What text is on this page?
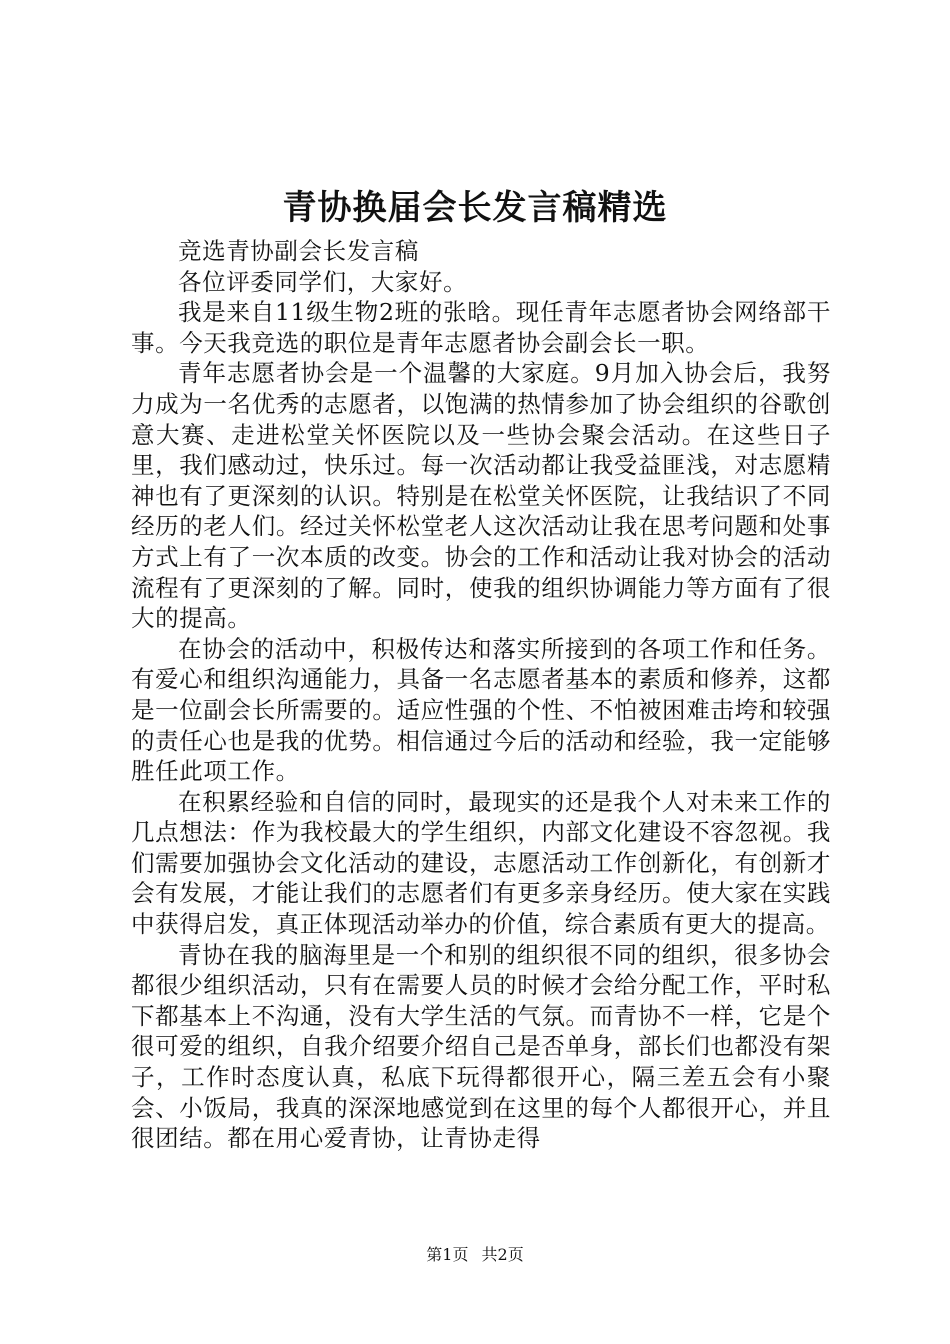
青协换届会长发言稿精选

竞选青协副会长发言稿

各位评委同学们，大家好。

我是来自11级生物2班的张晗。现任青年志愿者协会网络部干事。今天我竞选的职位是青年志愿者协会副会长一职。

青年志愿者协会是一个温馨的大家庭。9月加入协会后，我努力成为一名优秀的志愿者，以饱满的热情参加了协会组织的谷歌创意大赛、走进松堂关怀医院以及一些协会聚会活动。在这些日子里，我们感动过，快乐过。每一次活动都让我受益匪浅，对志愿精神也有了更深刻的认识。特别是在松堂关怀医院，让我结识了不同经历的老人们。经过关怀松堂老人这次活动让我在思考问题和处事方式上有了一次本质的改变。协会的工作和活动让我对协会的活动流程有了更深刻的了解。同时，使我的组织协调能力等方面有了很大的提高。

在协会的活动中，积极传达和落实所接到的各项工作和任务。有爱心和组织沟通能力，具备一名志愿者基本的素质和修养，这都是一位副会长所需要的。适应性强的个性、不怕被困难击垮和较强的责任心也是我的优势。相信通过今后的活动和经验，我一定能够胜任此项工作。

在积累经验和自信的同时，最现实的还是我个人对未来工作的几点想法：作为我校最大的学生组织，内部文化建设不容忽视。我们需要加强协会文化活动的建设，志愿活动工作创新化，有创新才会有发展，才能让我们的志愿者们有更多亲身经历。使大家在实践中获得启发，真正体现活动举办的价值，综合素质有更大的提高。

青协在我的脑海里是一个和别的组织很不同的组织，很多协会都很少组织活动，只有在需要人员的时候才会给分配工作，平时私下都基本上不沟通，没有大学生活的气氛。而青协不一样，它是个很可爱的组织，自我介绍要介绍自己是否单身，部长们也都没有架子，工作时态度认真，私底下玩得都很开心，隔三差五会有小聚会、小饭局，我真的深深地感觉到在这里的每个人都很开心，并且很团结。都在用心爱青协，让青协走得

第1页 共2页
